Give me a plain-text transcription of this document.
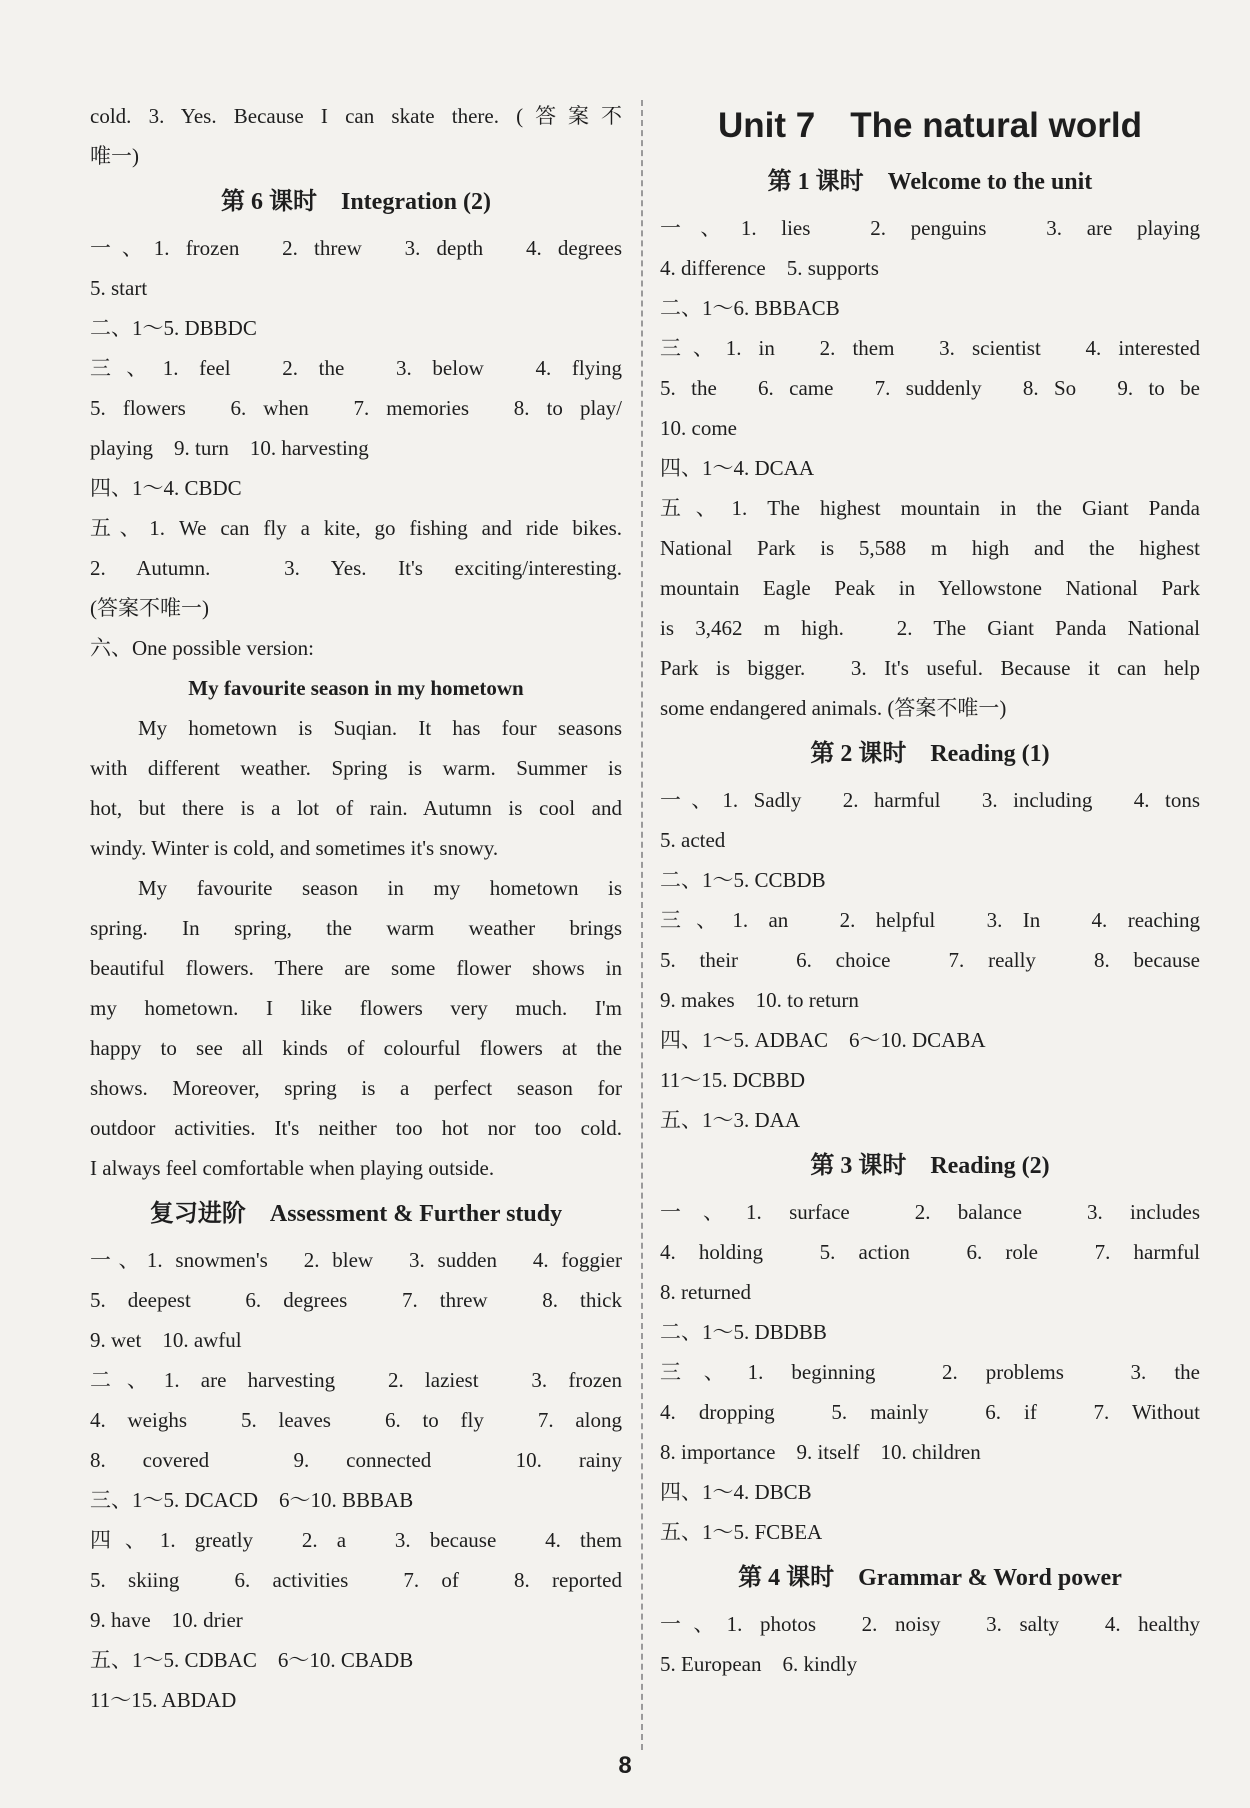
cold. 3. Yes. Because I can skate there. (答案不
唯一)
第 6 课时　Integration (2)
一、1. frozen　2. threw　3. depth　4. degrees
5. start
二、1～5. DBBDC
三、1. feel　2. the　3. below　4. flying
5. flowers　6. when　7. memories　8. to play/
playing　9. turn　10. harvesting
四、1～4. CBDC
五、1. We can fly a kite, go fishing and ride bikes.
2. Autumn.　3. Yes. It's exciting/interesting.
(答案不唯一)
六、One possible version:
My favourite season in my hometown
My hometown is Suqian. It has four seasons
with different weather. Spring is warm. Summer is
hot, but there is a lot of rain. Autumn is cool and
windy. Winter is cold, and sometimes it's snowy.
My favourite season in my hometown is
spring. In spring, the warm weather brings
beautiful flowers. There are some flower shows in
my hometown. I like flowers very much. I'm
happy to see all kinds of colourful flowers at the
shows. Moreover, spring is a perfect season for
outdoor activities. It's neither too hot nor too cold.
I always feel comfortable when playing outside.
复习进阶　Assessment & Further study
一、1. snowmen's　2. blew　3. sudden　4. foggier
5. deepest　6. degrees　7. threw　8. thick
9. wet　10. awful
二、1. are harvesting　2. laziest　3. frozen
4. weighs　5. leaves　6. to fly　7. along
8. covered　9. connected　10. rainy
三、1～5. DCACD　6～10. BBBAB
四、1. greatly　2. a　3. because　4. them
5. skiing　6. activities　7. of　8. reported
9. have　10. drier
五、1～5. CDBAC　6～10. CBADB
11～15. ABDAD
Unit 7　The natural world
第 1 课时　Welcome to the unit
一、1. lies　2. penguins　3. are playing
4. difference　5. supports
二、1～6. BBBACB
三、1. in　2. them　3. scientist　4. interested
5. the　6. came　7. suddenly　8. So　9. to be
10. come
四、1～4. DCAA
五、1. The highest mountain in the Giant Panda
National Park is 5,588 m high and the highest
mountain Eagle Peak in Yellowstone National Park
is 3,462 m high.　2. The Giant Panda National
Park is bigger.　3. It's useful. Because it can help
some endangered animals. (答案不唯一)
第 2 课时　Reading (1)
一、1. Sadly　2. harmful　3. including　4. tons
5. acted
二、1～5. CCBDB
三、1. an　2. helpful　3. In　4. reaching
5. their　6. choice　7. really　8. because
9. makes　10. to return
四、1～5. ADBAC　6～10. DCABA
11～15. DCBBD
五、1～3. DAA
第 3 课时　Reading (2)
一、1. surface　2. balance　3. includes
4. holding　5. action　6. role　7. harmful
8. returned
二、1～5. DBDBB
三、1. beginning　2. problems　3. the
4. dropping　5. mainly　6. if　7. Without
8. importance　9. itself　10. children
四、1～4. DBCB
五、1～5. FCBEA
第 4 课时　Grammar & Word power
一、1. photos　2. noisy　3. salty　4. healthy
5. European　6. kindly
8
